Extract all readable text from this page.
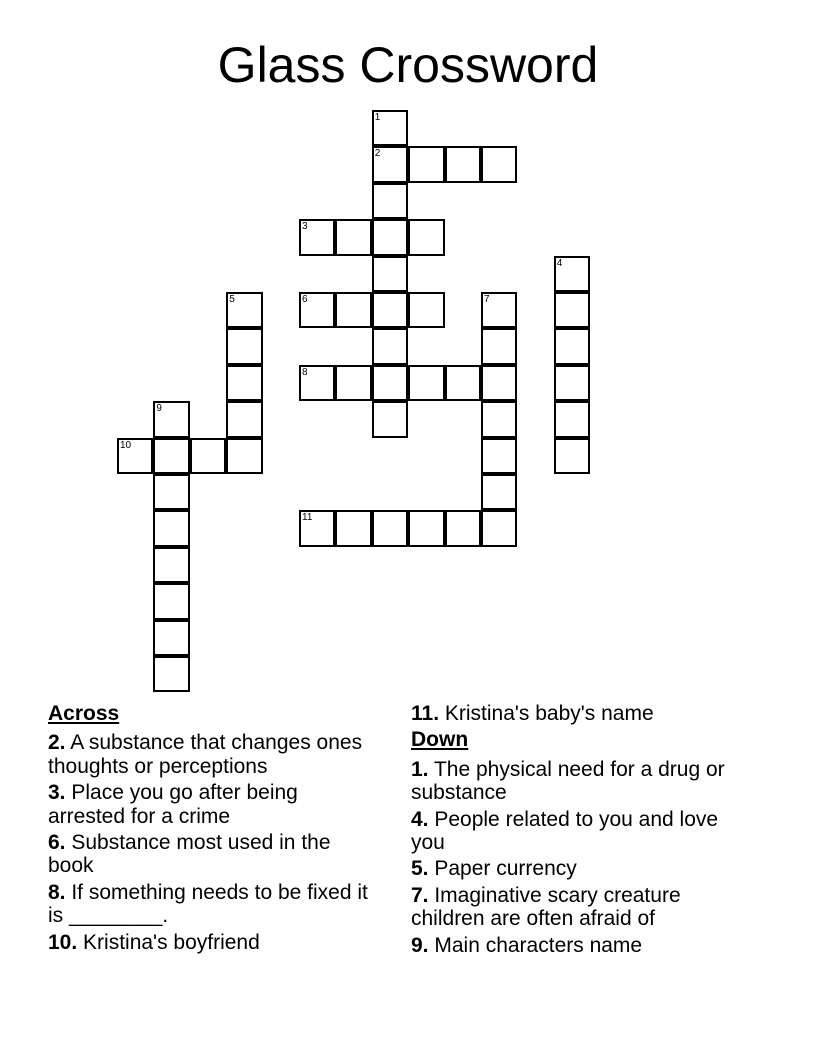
Glass Crossword
1
2
3
4
5	6	7
8
9
10
11
Across
2. A substance that changes ones thoughts or perceptions
3. Place you go after being arrested for a crime
6. Substance most used in the book
8. If something needs to be fixed it is ________.
10. Kristina's boyfriend
11. Kristina's baby's name
Down
1. The physical need for a drug or substance
4. People related to you and love you
5. Paper currency
7. Imaginative scary creature children are often afraid of
9. Main characters name
